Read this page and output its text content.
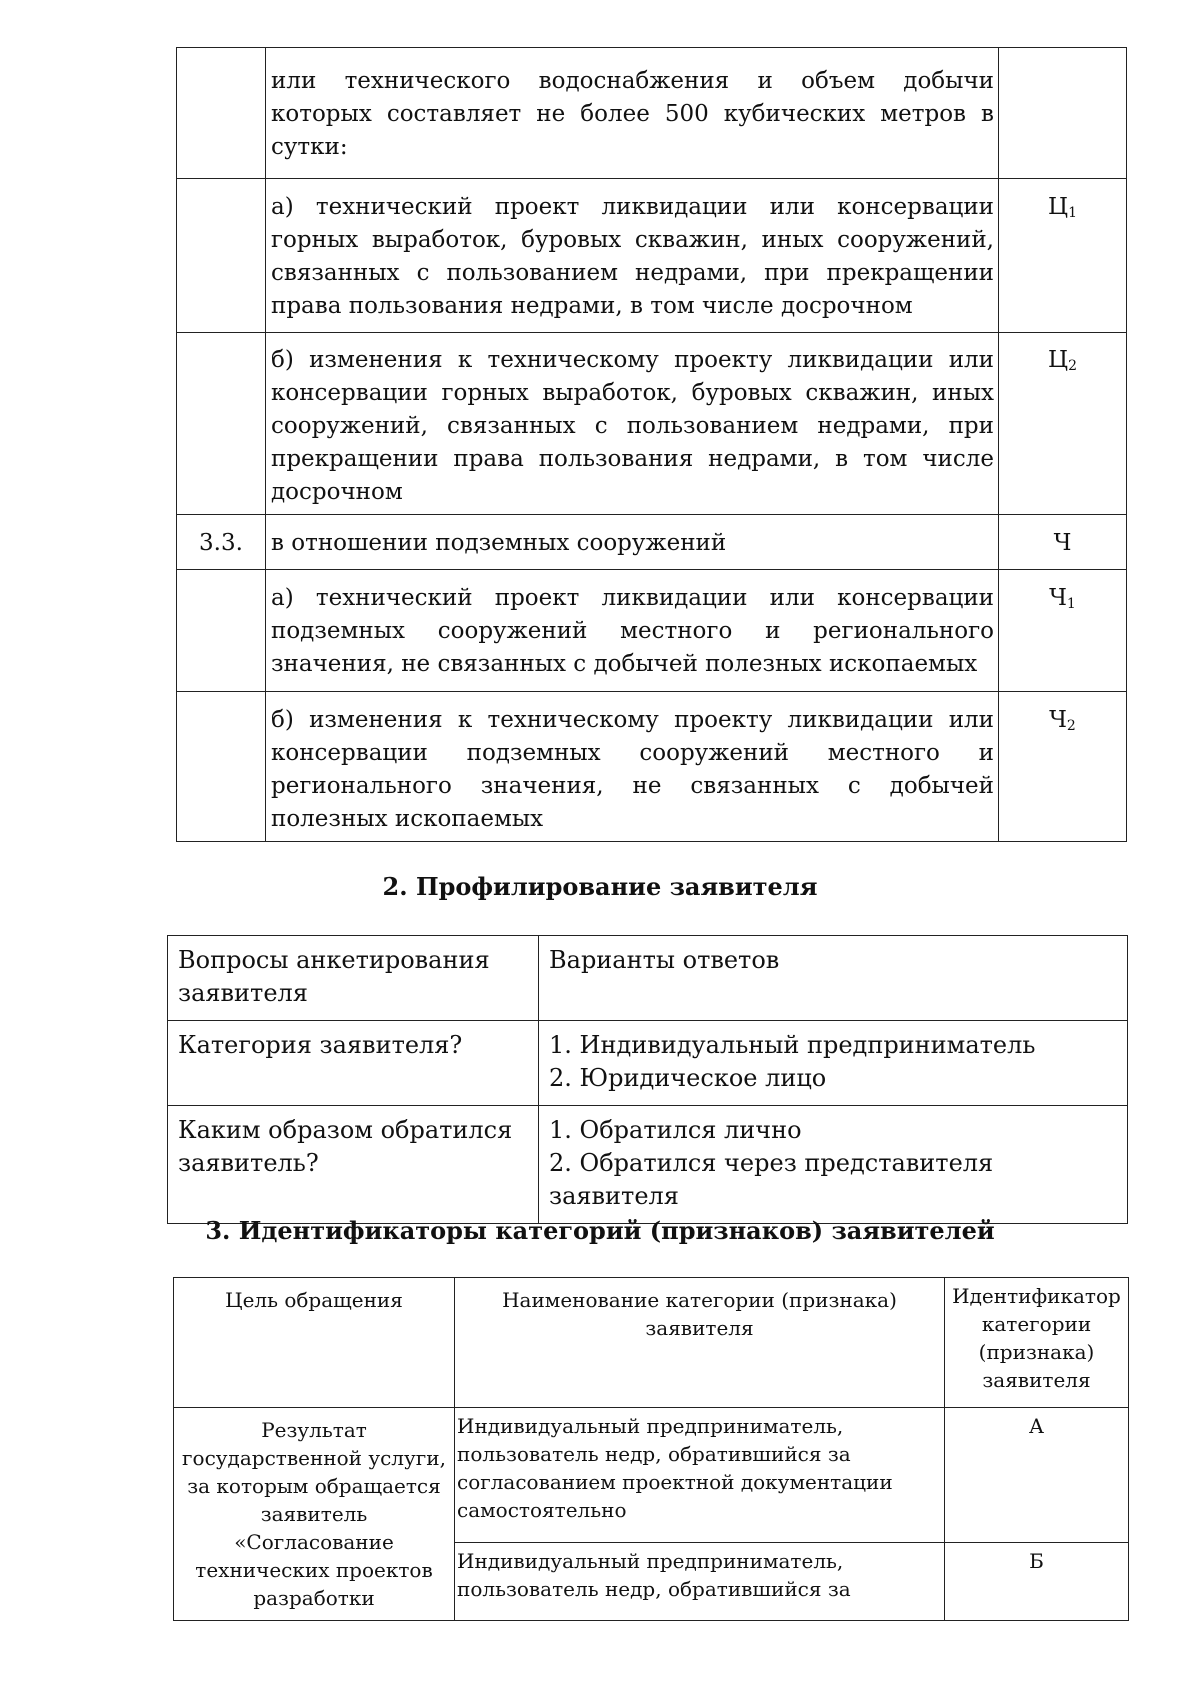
	или технического водоснабжения и объем добычи которых составляет не более 500 кубических метров в сутки:	
	а) технический проект ликвидации или консервации горных выработок, буровых скважин, иных сооружений, связанных с пользованием недрами, при прекращении права пользования недрами, в том числе досрочном	$Ц_1$
	б) изменения к техническому проекту ликвидации или консервации горных выработок, буровых скважин, иных сооружений, связанных с пользованием недрами, при прекращении права пользования недрами, в том числе досрочном	$Ц_2$
3.3.	в отношении подземных сооружений	Ч
	а) технический проект ликвидации или консервации подземных сооружений местного и регионального значения, не связанных с добычей полезных ископаемых	$Ч_1$
	б) изменения к техническому проекту ликвидации или консервации подземных сооружений местного и регионального значения, не связанных с добычей полезных ископаемых	$Ч_2$
2. Профилирование заявителя
Вопросы анкетирования заявителя	Варианты ответов
Категория заявителя?	1. Индивидуальный предприниматель
2. Юридическое лицо

Каким образом обратился заявитель?	1. Обратился лично
2. Обратился через представителя заявителя
3. Идентификаторы категорий (признаков) заявителей
Цель обращения	Наименование категории (признака) заявителя	Идентификатор категории (признака) заявителя
Результат государственной услуги, за которым обращается заявитель «Согласование технических проектов разработки	Индивидуальный предприниматель, пользователь недр, обратившийся за согласованием проектной документации самостоятельно	А
	Индивидуальный предприниматель, пользователь недр, обратившийся за	Б
